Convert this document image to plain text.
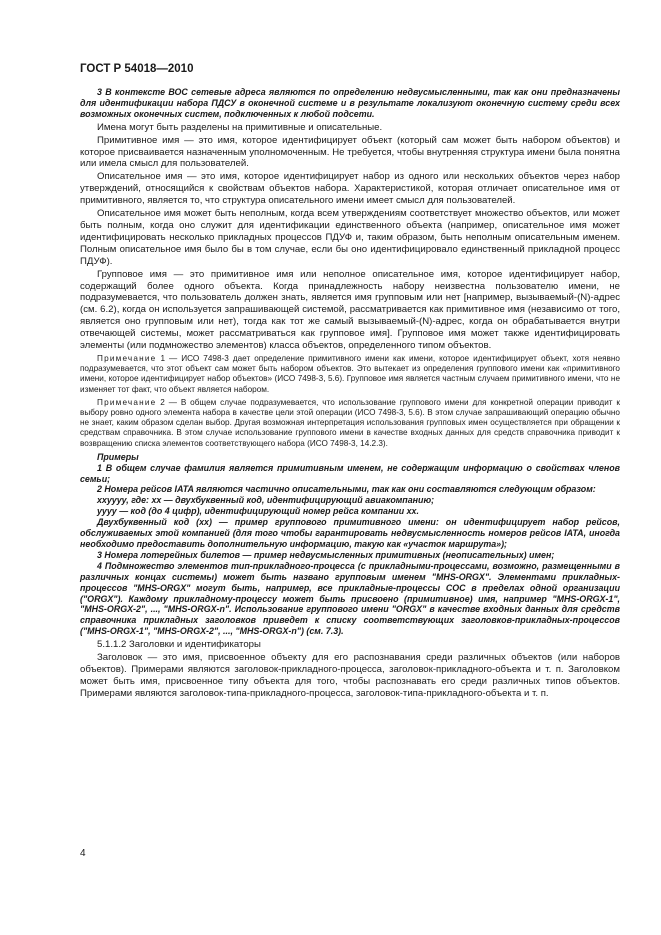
ГОСТ Р 54018—2010

3 В контексте ВОС сетевые адреса являются по определению недвусмысленными, так как они предназначены для идентификации набора ПДСУ в оконечной системе и в результате локализуют оконечную систему среди всех возможных оконечных систем, подключенных к любой подсети.

Имена могут быть разделены на примитивные и описательные.

Примитивное имя — это имя, которое идентифицирует объект (который сам может быть набором объектов) и которое присваивается назначенным уполномоченным. Не требуется, чтобы внутренняя структура имени была понятна или имела смысл для пользователей.

Описательное имя — это имя, которое идентифицирует набор из одного или нескольких объектов через набор утверждений, относящийся к свойствам объектов набора. Характеристикой, которая отличает описательное имя от примитивного, является то, что структура описательного имени имеет смысл для пользователей.

Описательное имя может быть неполным, когда всем утверждениям соответствует множество объектов, или может быть полным, когда оно служит для идентификации единственного объекта (например, описательное имя может идентифицировать несколько прикладных процессов ПДУФ и, таким образом, быть неполным описательным именем. Полным описательное имя было бы в том случае, если бы оно идентифицировало единственный прикладной процесс ПДУФ).

Групповое имя — это примитивное имя или неполное описательное имя, которое идентифицирует набор, содержащий более одного объекта. Когда принадлежность набору неизвестна пользователю имени, не подразумевается, что пользователь должен знать, является имя групповым или нет [например, вызываемый-(N)-адрес (см. 6.2), когда он используется запрашивающей системой, рассматривается как примитивное имя (независимо от того, является оно групповым или нет), тогда как тот же самый вызываемый-(N)-адрес, когда он обрабатывается внутри отвечающей системы, может рассматриваться как групповое имя]. Групповое имя может также идентифицировать элементы (или подмножество элементов) класса объектов, определенного типом объектов.

Примечание 1 — ИСО 7498-3 дает определение примитивного имени как имени, которое идентифицирует объект, хотя неявно подразумевается, что этот объект сам может быть набором объектов. Это вытекает из определения группового имени как «примитивного имени, которое идентифицирует набор объектов» (ИСО 7498-3, 5.6). Групповое имя является частным случаем примитивного имени, что не изменяет тот факт, что объект является набором.

Примечание 2 — В общем случае подразумевается, что использование группового имени для конкретной операции приводит к выбору ровно одного элемента набора в качестве цели этой операции (ИСО 7498-3, 5.6). В этом случае запрашивающий операцию обычно не знает, каким образом сделан выбор. Другая возможная интерпретация использования групповых имен осуществляется при обращении к средствам справочника. В этом случае использование группового имени в качестве входных данных для средств справочника приводит к возвращению списка элементов соответствующего набора (ИСО 7498-3, 14.2.3).

Примеры

1 В общем случае фамилия является примитивным именем, не содержащим информацию о свойствах членов семьи;

2 Номера рейсов IATA являются частично описательными, так как они составляются следующим образом:

xxyyyy, где: xx — двухбуквенный код, идентифицирующий авиакомпанию;

yyyy — код (до 4 цифр), идентифицирующий номер рейса компании xx.

Двухбуквенный код (xx) — пример группового примитивного имени: он идентифицирует набор рейсов, обслуживаемых этой компанией (для того чтобы гарантировать недвусмысленность номеров рейсов IATA, иногда необходимо предоставить дополнительную информацию, такую как «участок маршрута»);

3 Номера лотерейных билетов — пример недвусмысленных примитивных (неописательных) имен;

4 Подмножество элементов тип-прикладного-процесса (с прикладными-процессами, возможно, размещенными в различных концах системы) может быть названо групповым именем "MHS-ORGX". Элементами прикладных-процессов "MHS-ORGX" могут быть, например, все прикладные-процессы СОС в пределах одной организации ("ORGX"). Каждому прикладному-процессу может быть присвоено (примитивное) имя, например "MHS-ORGX-1", "MHS-ORGX-2", ..., "MHS-ORGX-n". Использование группового имени "ORGX" в качестве входных данных для средств справочника прикладных заголовков приведет к списку соответствующих заголовков-прикладных-процессов ("MHS-ORGX-1", "MHS-ORGX-2", ..., "MHS-ORGX-n") (см. 7.3).

5.1.1.2 Заголовки и идентификаторы

Заголовок — это имя, присвоенное объекту для его распознавания среди различных объектов (или наборов объектов). Примерами являются заголовок-прикладного-процесса, заголовок-прикладного-объекта и т. п. Заголовком может быть имя, присвоенное типу объекта для того, чтобы распознавать его среди различных типов объектов. Примерами являются заголовок-типа-прикладного-процесса, заголовок-типа-прикладного-объекта и т. п.

4
